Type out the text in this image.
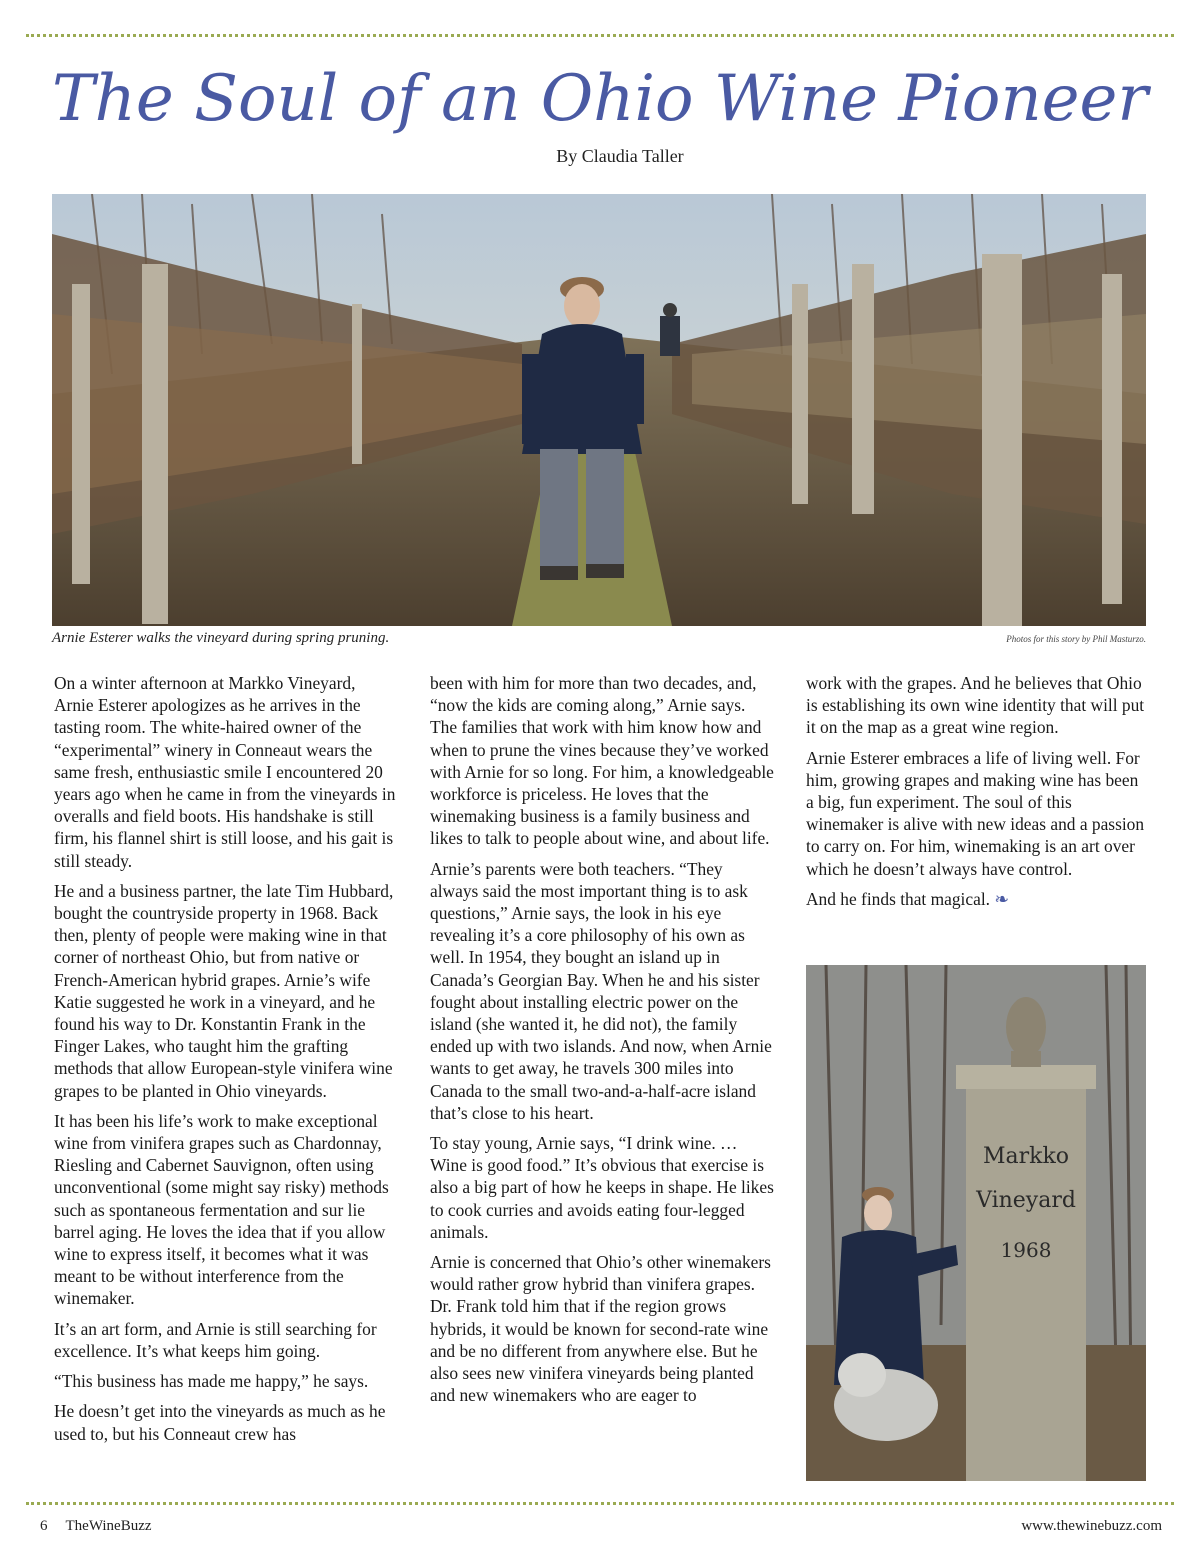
The Soul of an Ohio Wine Pioneer
By Claudia Taller
Arnie Esterer walks the vineyard during spring pruning.	Photos for this story by Phil Masturzo.

On a winter afternoon at Markko Vineyard, Arnie Esterer apologizes as he arrives in the tasting room. The white-haired owner of the “experimental” winery in Conneaut wears the same fresh, enthusiastic smile I encountered 20 years ago when he came in from the vineyards in overalls and field boots. His handshake is still firm, his flannel shirt is still loose, and his gait is still steady.

He and a business partner, the late Tim Hubbard, bought the countryside property in 1968. Back then, plenty of people were making wine in that corner of northeast Ohio, but from native or French-American hybrid grapes. Arnie’s wife Katie suggested he work in a vineyard, and he found his way to Dr. Konstantin Frank in the Finger Lakes, who taught him the grafting methods that allow European-style vinifera wine grapes to be planted in Ohio vineyards.

It has been his life’s work to make exceptional wine from vinifera grapes such as Chardonnay, Riesling and Cabernet Sauvignon, often using unconventional (some might say risky) methods such as spontaneous fermentation and sur lie barrel aging. He loves the idea that if you allow wine to express itself, it becomes what it was meant to be without interference from the winemaker.

It’s an art form, and Arnie is still searching for excellence. It’s what keeps him going.

“This business has made me happy,” he says.

He doesn’t get into the vineyards as much as he used to, but his Conneaut crew has

been with him for more than two decades, and, “now the kids are coming along,” Arnie says. The families that work with him know how and when to prune the vines because they’ve worked with Arnie for so long. For him, a knowledgeable workforce is priceless. He loves that the winemaking business is a family business and likes to talk to people about wine, and about life.

Arnie’s parents were both teachers. “They always said the most important thing is to ask questions,” Arnie says, the look in his eye revealing it’s a core philosophy of his own as well. In 1954, they bought an island up in Canada’s Georgian Bay. When he and his sister fought about installing electric power on the island (she wanted it, he did not), the family ended up with two islands. And now, when Arnie wants to get away, he travels 300 miles into Canada to the small two-and-a-half-acre island that’s close to his heart.

To stay young, Arnie says, “I drink wine. … Wine is good food.” It’s obvious that exercise is also a big part of how he keeps in shape. He likes to cook curries and avoids eating four-legged animals.

Arnie is concerned that Ohio’s other winemakers would rather grow hybrid than vinifera grapes. Dr. Frank told him that if the region grows hybrids, it would be known for second-rate wine and be no different from anywhere else. But he also sees new vinifera vineyards being planted and new winemakers who are eager to

work with the grapes. And he believes that Ohio is establishing its own wine identity that will put it on the map as a great wine region.

Arnie Esterer embraces a life of living well. For him, growing grapes and making wine has been a big, fun experiment. The soul of this winemaker is alive with new ideas and a passion to carry on. For him, winemaking is an art over which he doesn’t always have control.

And he finds that magical. ❧

Markko
Vineyard
1968
6 TheWineBuzz	www.thewinebuzz.com
